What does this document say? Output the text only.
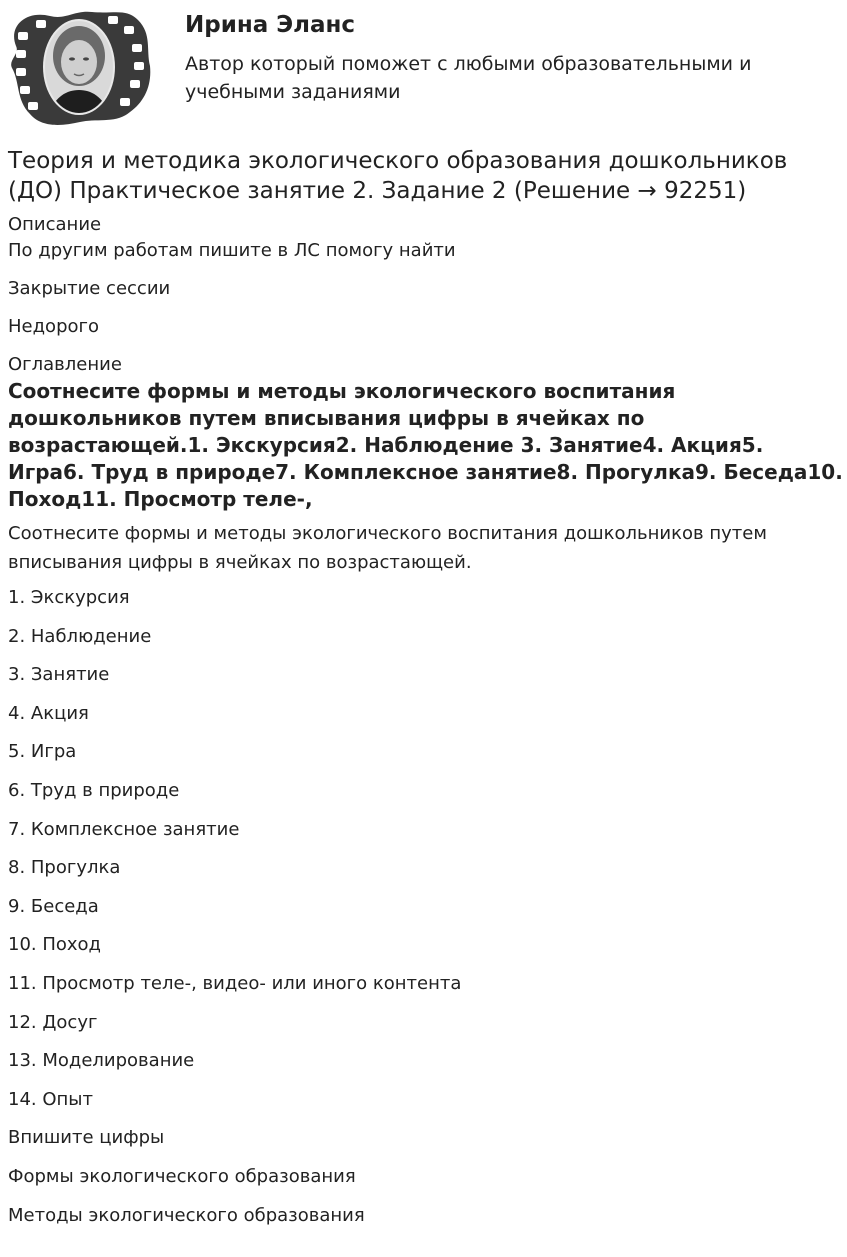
Ирина Эланс
Автор который поможет с любыми образовательными и учебными заданиями
Теория и методика экологического образования дошкольников (ДО) Практическое занятие 2. Задание 2 (Решение → 92251)

Описание

По другим работам пишите в ЛС помогу найти

Закрытие сессии

Недорого

Оглавление

Соотнесите формы и методы экологического воспитания дошкольников путем вписывания цифры в ячейках по возрастающей.1. Экскурсия2. Наблюдение 3. Занятие4. Акция5. Игра6. Труд в природе7. Комплексное занятие8. Прогулка9. Беседа10. Поход11. Просмотр теле-,

Соотнесите формы и методы экологического воспитания дошкольников путем вписывания цифры в ячейках по возрастающей.

1. Экскурсия

2. Наблюдение

3. Занятие

4. Акция

5. Игра

6. Труд в природе

7. Комплексное занятие

8. Прогулка

9. Беседа

10. Поход

11. Просмотр теле-, видео- или иного контента

12. Досуг

13. Моделирование

14. Опыт

Впишите цифры

Формы экологического образования

Методы экологического образования
